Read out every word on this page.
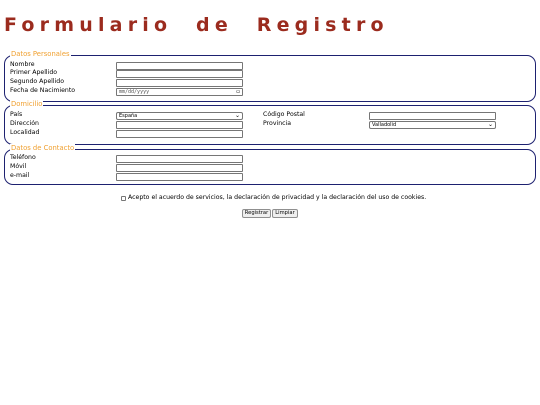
Formulario de Registro
Datos Personales
Nombre
Primer Apellido
Segundo Apellido
Fecha de Nacimiento	mm/dd/yyyy	▭
Domicilio
País	España	⌄
Dirección
Localidad
Código Postal
Provincia	Valladolid	⌄
Datos de Contacto
Teléfono
Móvil
e-mail
Acepto el acuerdo de servicios, la declaración de privacidad y la declaración del uso de cookies.
Registrar	Limpiar
